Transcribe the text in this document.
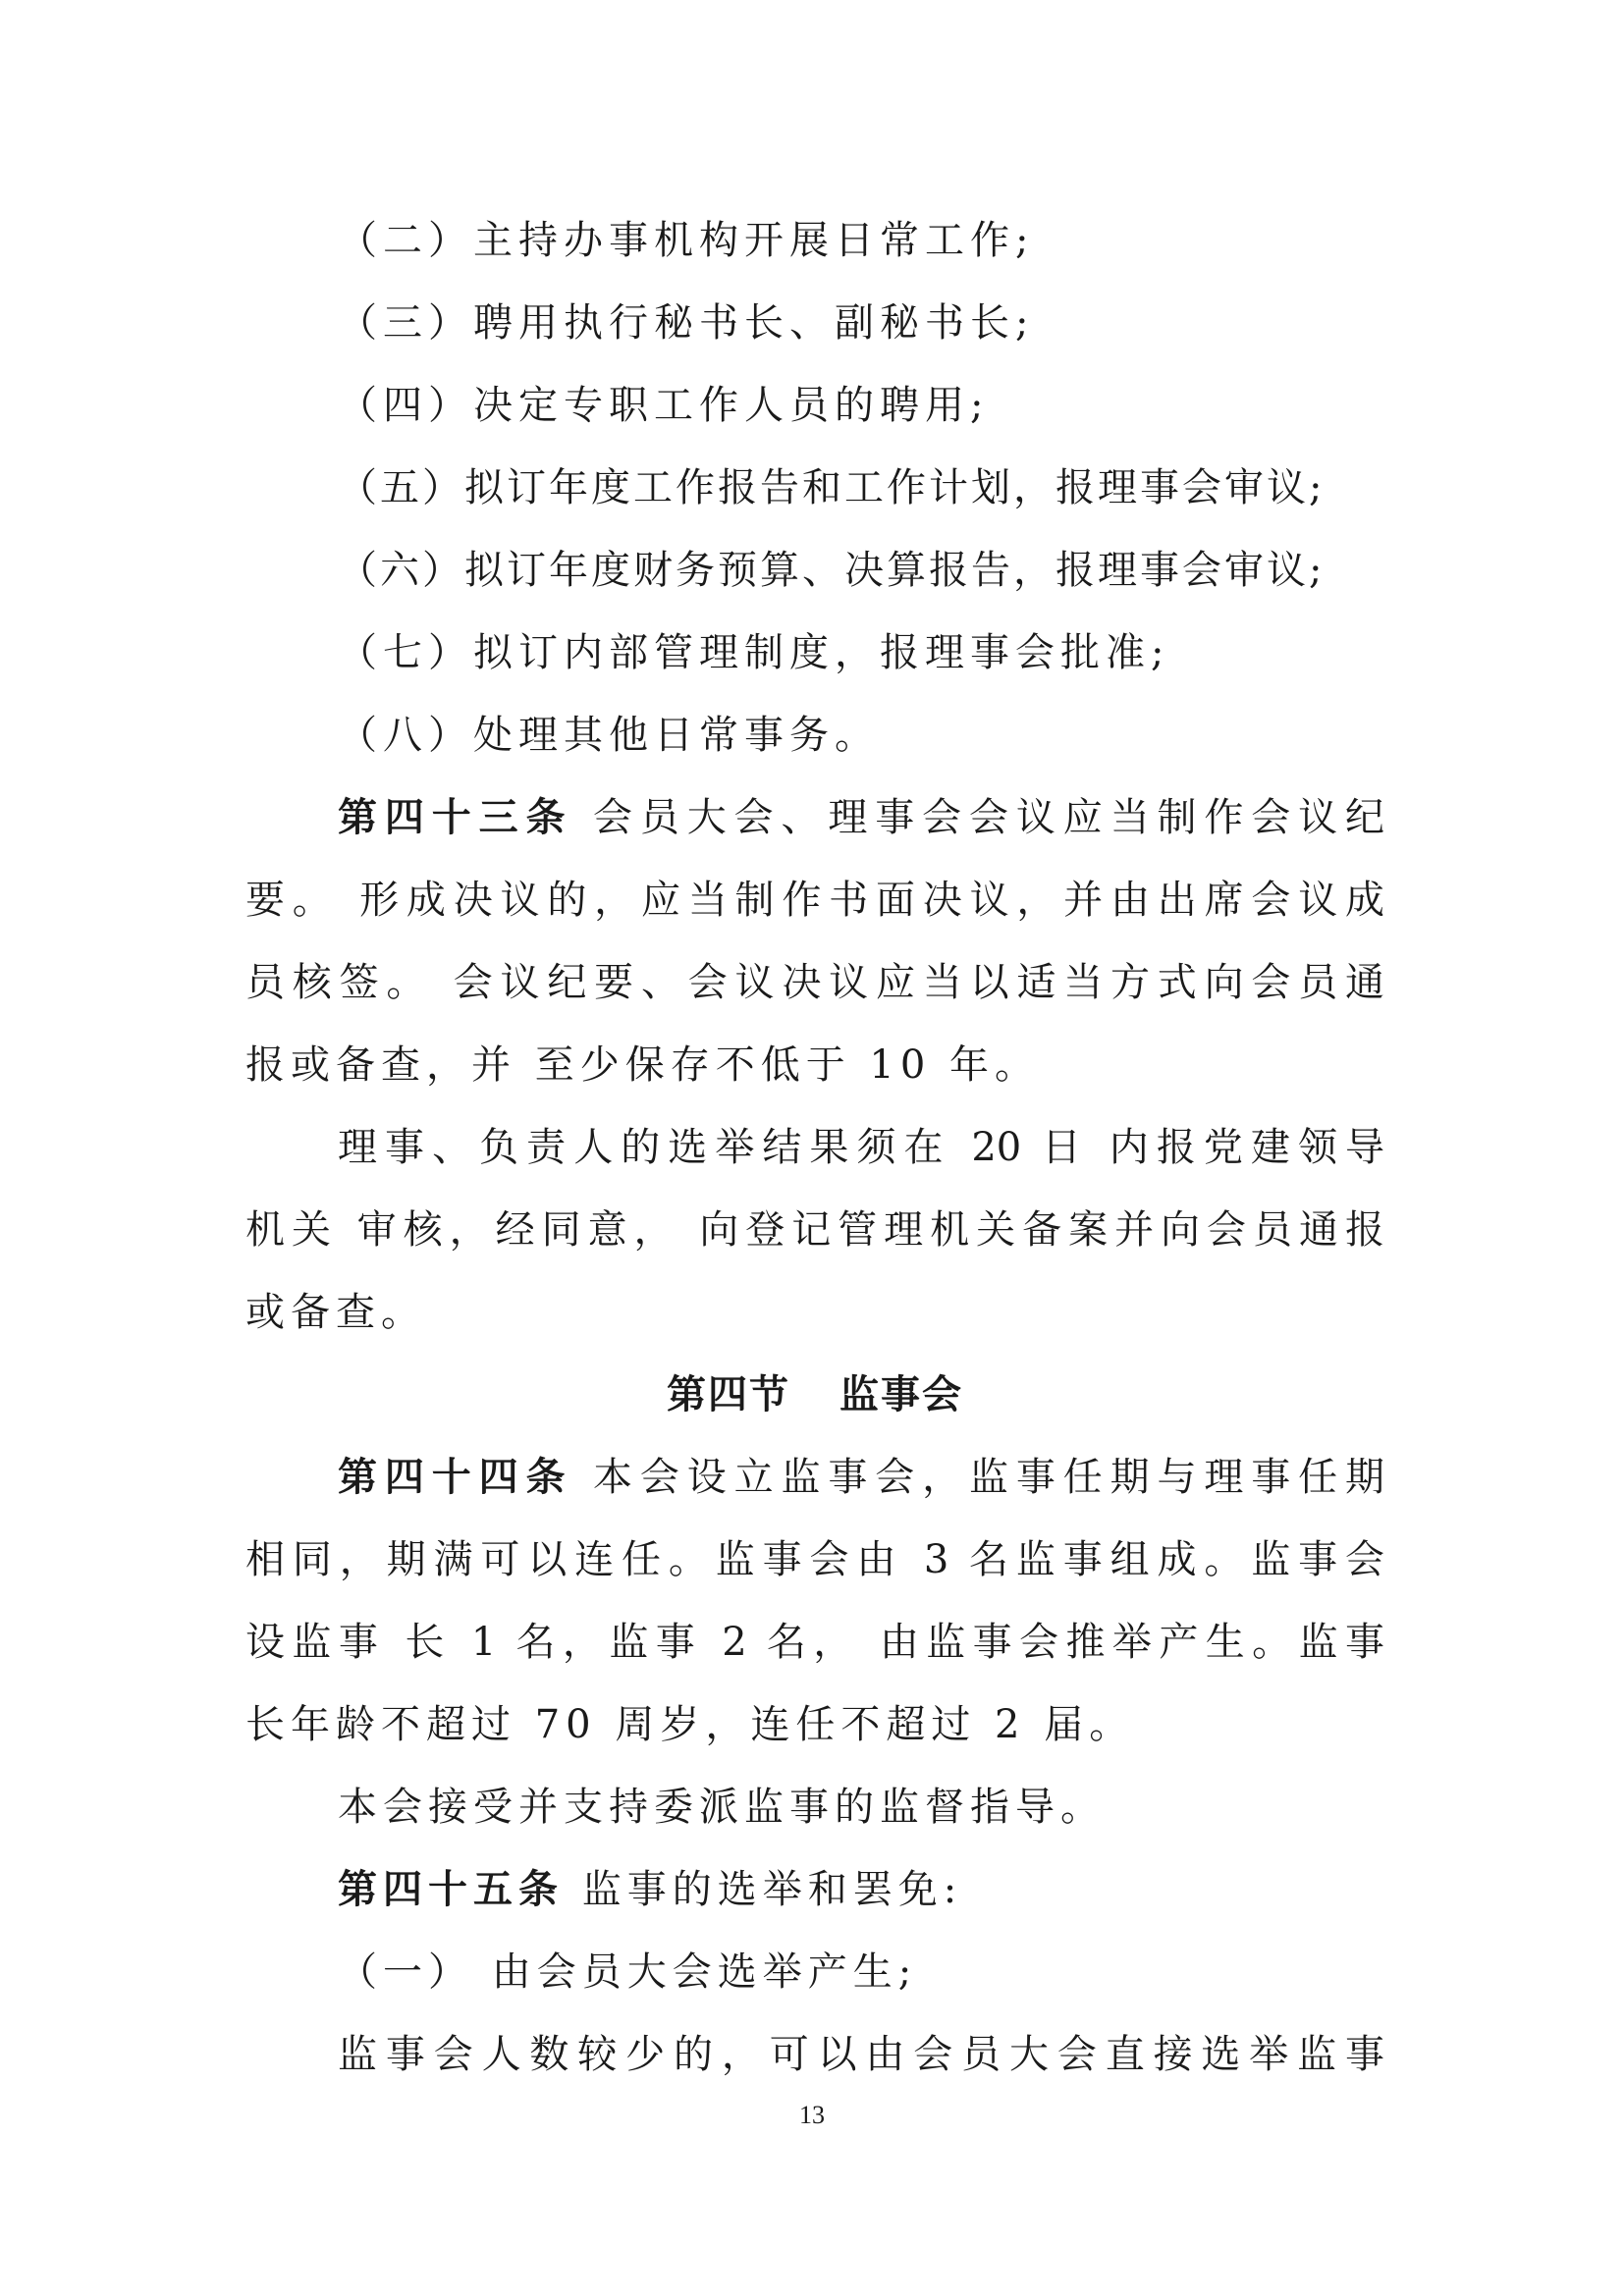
（二）主持办事机构开展日常工作;
（三）聘用执行秘书长、副秘书长;
（四）决定专职工作人员的聘用;
（五）拟订年度工作报告和工作计划，报理事会审议;
（六）拟订年度财务预算、决算报告，报理事会审议;
（七）拟订内部管理制度，报理事会批准;
（八）处理其他日常事务。
第四十三条 会员大会、理事会会议应当制作会议纪
要。 形成决议的，应当制作书面决议，并由出席会议成
员核签。 会议纪要、会议决议应当以适当方式向会员通
报或备查，并 至少保存不低于 10 年。
理事、负责人的选举结果须在 20 日 内报党建领导
机关 审核，经同意， 向登记管理机关备案并向会员通报
或备查。
第四节 监事会
第四十四条 本会设立监事会，监事任期与理事任期
相同，期满可以连任。监事会由 3 名监事组成。监事会
设监事 长 1 名，监事 2 名， 由监事会推举产生。监事
长年龄不超过 70 周岁，连任不超过 2 届。
本会接受并支持委派监事的监督指导。
第四十五条 监事的选举和罢免:
（一） 由会员大会选举产生;
监事会人数较少的，可以由会员大会直接选举监事
13
